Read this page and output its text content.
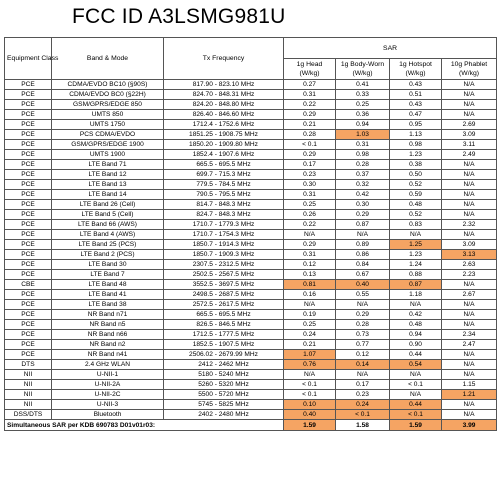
FCC ID A3LSMG981U
Equipment Class	Band & Mode	Tx Frequency	SAR			
			1g Head (W/kg)	1g Body-Worn (W/kg)	1g Hotspot (W/kg)	10g Phablet (W/kg)
PCE	CDMA/EVDO BC10 (§90S)	817.90 - 823.10 MHz	0.27	0.41	0.43	N/A
PCE	CDMA/EVDO BC0 (§22H)	824.70 - 848.31 MHz	0.31	0.33	0.51	N/A
PCE	GSM/GPRS/EDGE 850	824.20 - 848.80 MHz	0.22	0.25	0.43	N/A
PCE	UMTS 850	826.40 - 846.60 MHz	0.29	0.36	0.47	N/A
PCE	UMTS 1750	1712.4 - 1752.6 MHz	0.21	0.94	0.95	2.69
PCE	PCS CDMA/EVDO	1851.25 - 1908.75 MHz	0.28	1.03	1.13	3.09
PCE	GSM/GPRS/EDGE 1900	1850.20 - 1909.80 MHz	< 0.1	0.31	0.98	3.11
PCE	UMTS 1900	1852.4 - 1907.6 MHz	0.29	0.98	1.23	2.49
PCE	LTE Band 71	665.5 - 695.5 MHz	0.17	0.28	0.38	N/A
PCE	LTE Band 12	699.7 - 715.3 MHz	0.23	0.37	0.50	N/A
PCE	LTE Band 13	779.5 - 784.5 MHz	0.30	0.32	0.52	N/A
PCE	LTE Band 14	790.5 - 795.5 MHz	0.31	0.42	0.59	N/A
PCE	LTE Band 26 (Cell)	814.7 - 848.3 MHz	0.25	0.30	0.48	N/A
PCE	LTE Band 5 (Cell)	824.7 - 848.3 MHz	0.26	0.29	0.52	N/A
PCE	LTE Band 66 (AWS)	1710.7 - 1779.3 MHz	0.22	0.87	0.83	2.32
PCE	LTE Band 4 (AWS)	1710.7 - 1754.3 MHz	N/A	N/A	N/A	N/A
PCE	LTE Band 25 (PCS)	1850.7 - 1914.3 MHz	0.29	0.89	1.25	3.09
PCE	LTE Band 2 (PCS)	1850.7 - 1909.3 MHz	0.31	0.86	1.23	3.13
PCE	LTE Band 30	2307.5 - 2312.5 MHz	0.12	0.84	1.24	2.63
PCE	LTE Band 7	2502.5 - 2567.5 MHz	0.13	0.67	0.88	2.23
CBE	LTE Band 48	3552.5 - 3697.5 MHz	0.81	0.40	0.87	N/A
PCE	LTE Band 41	2498.5 - 2687.5 MHz	0.16	0.55	1.18	2.67
PCE	LTE Band 38	2572.5 - 2617.5 MHz	N/A	N/A	N/A	N/A
PCE	NR Band n71	665.5 - 695.5 MHz	0.19	0.29	0.42	N/A
PCE	NR Band n5	826.5 - 846.5 MHz	0.25	0.28	0.48	N/A
PCE	NR Band n66	1712.5 - 1777.5 MHz	0.24	0.73	0.94	2.34
PCE	NR Band n2	1852.5 - 1907.5 MHz	0.21	0.77	0.90	2.47
PCE	NR Band n41	2506.02 - 2679.99 MHz	1.07	0.12	0.44	N/A
DTS	2.4 GHz WLAN	2412 - 2462 MHz	0.76	0.14	0.54	N/A
NII	U-NII-1	5180 - 5240 MHz	N/A	N/A	N/A	N/A
NII	U-NII-2A	5260 - 5320 MHz	< 0.1	0.17	< 0.1	1.15
NII	U-NII-2C	5500 - 5720 MHz	< 0.1	0.23	N/A	1.21
NII	U-NII-3	5745 - 5825 MHz	0.10	0.24	0.44	N/A
DSS/DTS	Bluetooth	2402 - 2480 MHz	0.40	< 0.1	< 0.1	N/A
Simultaneous SAR per KDB 690783 D01v01r03:			1.59	1.58	1.59	3.99
